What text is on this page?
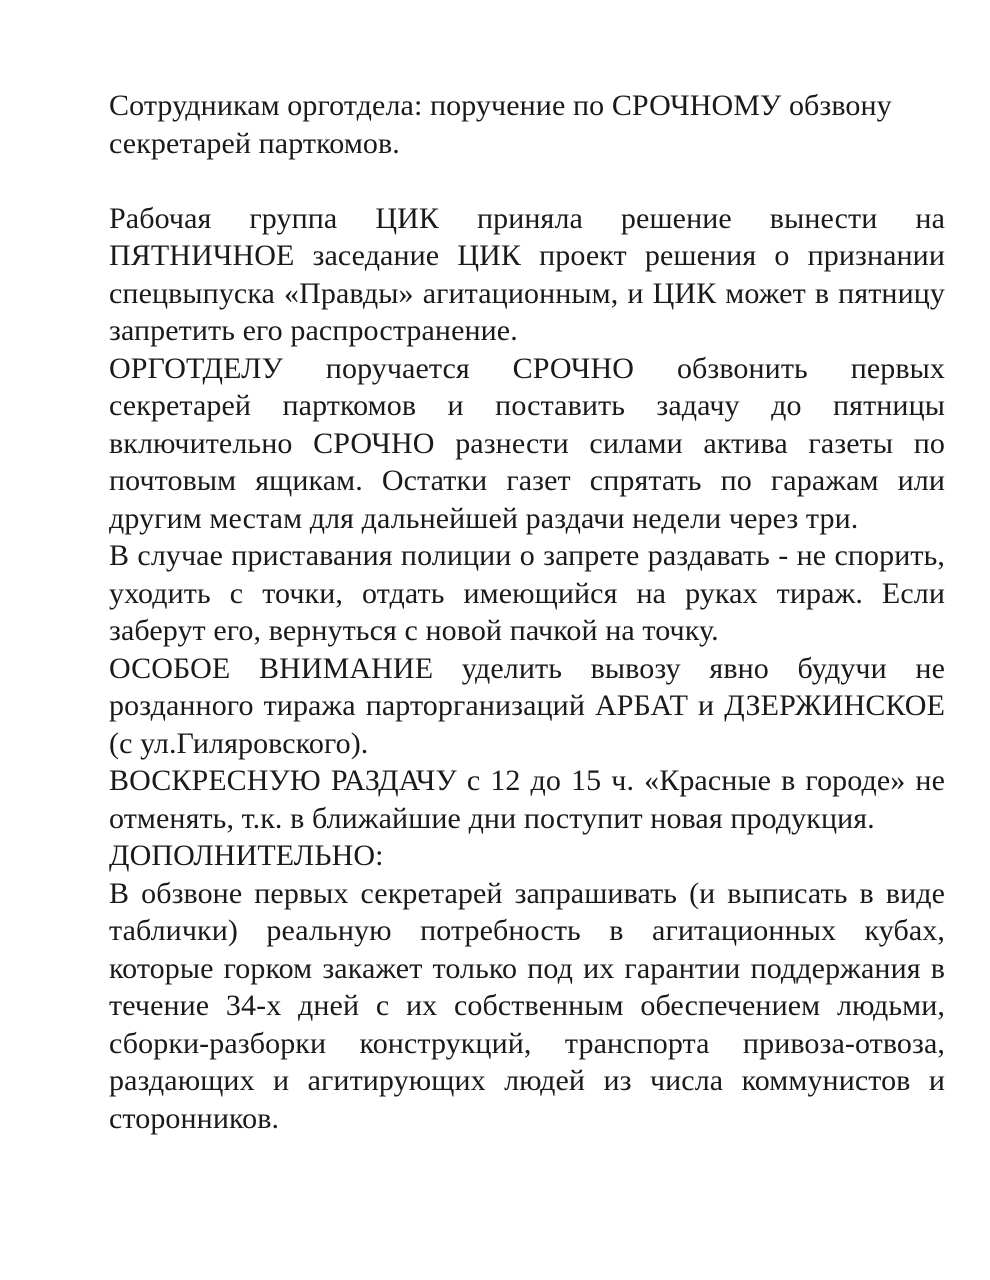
Сотрудникам орготдела: поручение по СРОЧНОМУ обзвону секретарей парткомов.

Рабочая группа ЦИК приняла решение вынести на ПЯТНИЧНОЕ заседание ЦИК проект решения о признании спецвыпуска «Правды» агитационным, и ЦИК может в пятницу запретить его распространение.

ОРГОТДЕЛУ поручается СРОЧНО обзвонить первых секретарей парткомов и поставить задачу до пятницы включительно СРОЧНО разнести силами актива газеты по почтовым ящикам. Остатки газет спрятать по гаражам или другим местам для дальнейшей раздачи недели через три.

В случае приставания полиции о запрете раздавать - не спорить, уходить с точки, отдать имеющийся на руках тираж. Если заберут его, вернуться с новой пачкой на точку.

ОСОБОЕ ВНИМАНИЕ уделить вывозу явно будучи не розданного тиража парторганизаций АРБАТ и ДЗЕРЖИНСКОЕ (с ул.Гиляровского).

ВОСКРЕСНУЮ РАЗДАЧУ с 12 до 15 ч. «Красные в городе» не отменять, т.к. в ближайшие дни поступит новая продукция.

ДОПОЛНИТЕЛЬНО:

В обзвоне первых секретарей запрашивать (и выписать в виде таблички) реальную потребность в агитационных кубах, которые горком закажет только под их гарантии поддержания в течение 34-х дней с их собственным обеспечением людьми, сборки-разборки конструкций, транспорта привоза-отвоза, раздающих и агитирующих людей из числа коммунистов и сторонников.
